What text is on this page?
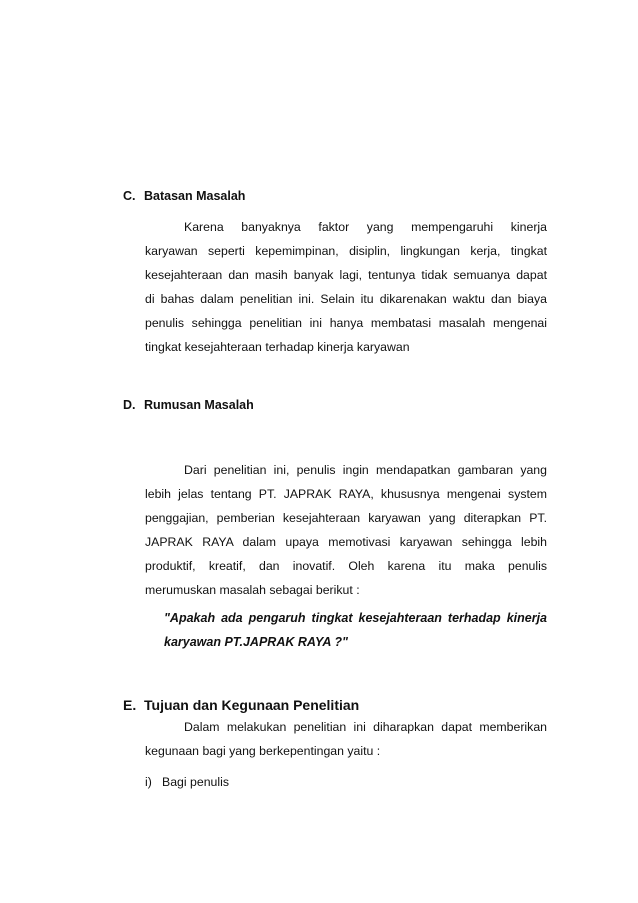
C. Batasan Masalah
Karena banyaknya faktor yang mempengaruhi kinerja
karyawan seperti kepemimpinan, disiplin, lingkungan kerja, tingkat
kesejahteraan dan masih banyak lagi, tentunya tidak semuanya dapat
di bahas dalam penelitian ini. Selain itu dikarenakan waktu dan biaya
penulis sehingga penelitian ini hanya membatasi masalah mengenai
tingkat kesejahteraan terhadap kinerja karyawan
D. Rumusan Masalah
Dari penelitian ini, penulis ingin mendapatkan gambaran yang
lebih jelas tentang PT. JAPRAK RAYA, khususnya mengenai system
penggajian, pemberian kesejahteraan karyawan yang diterapkan PT.
JAPRAK RAYA dalam upaya memotivasi karyawan sehingga lebih
produktif, kreatif, dan inovatif. Oleh karena itu maka penulis
merumuskan masalah sebagai berikut :
"Apakah ada pengaruh tingkat kesejahteraan terhadap kinerja
karyawan PT.JAPRAK RAYA ?"
E. Tujuan dan Kegunaan Penelitian
Dalam melakukan penelitian ini diharapkan dapat memberikan
kegunaan bagi yang berkepentingan yaitu :
i) Bagi penulis
